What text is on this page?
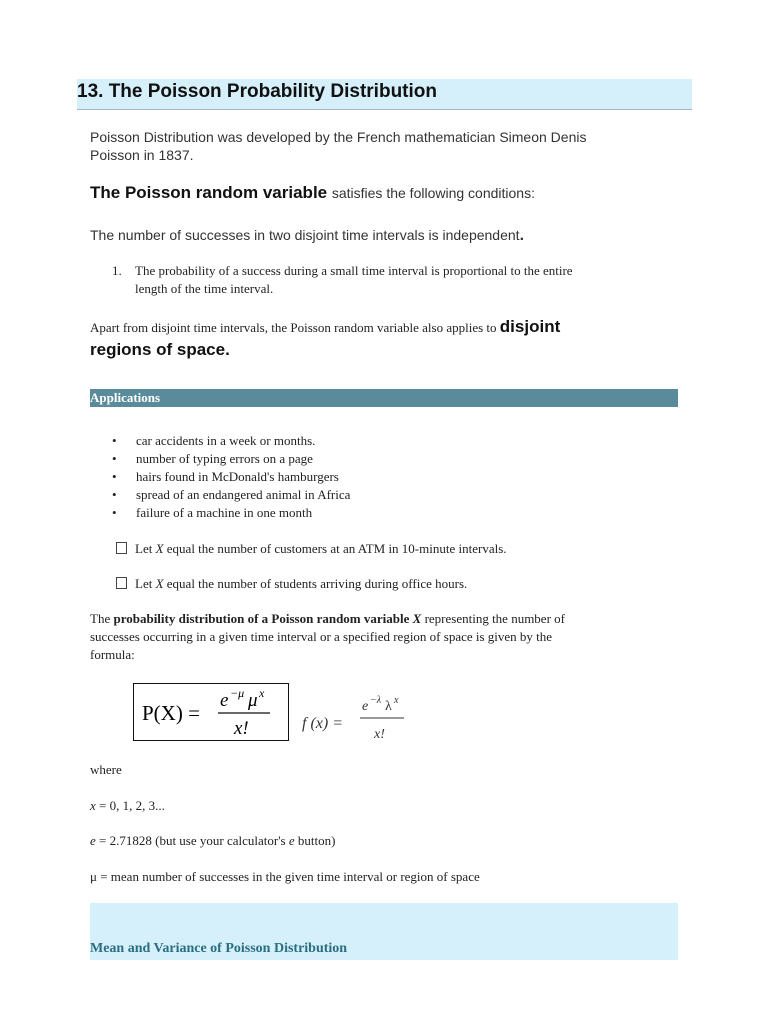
13. The Poisson Probability Distribution
Poisson Distribution was developed by the French mathematician Simeon Denis
Poisson in 1837.
The Poisson random variable satisfies the following conditions:
The number of successes in two disjoint time intervals is independent.
1. The probability of a success during a small time interval is proportional to the entire
length of the time interval.
Apart from disjoint time intervals, the Poisson random variable also applies to disjoint
regions of space.
Applications
• car accidents in a week or months.
• number of typing errors on a page
• hairs found in McDonald's hamburgers
• spread of an endangered animal in Africa
• failure of a machine in one month
Let X equal the number of customers at an ATM in 10-minute intervals.
Let X equal the number of students arriving during office hours.
The probability distribution of a Poisson random variable X representing the number of
successes occurring in a given time interval or a specified region of space is given by the
formula:
P(X) =
e −μ μ x
x!	f (x) =
e −λ λ x
x!
where
x = 0, 1, 2, 3...
e = 2.71828 (but use your calculator's e button)
μ = mean number of successes in the given time interval or region of space
Mean and Variance of Poisson Distribution
